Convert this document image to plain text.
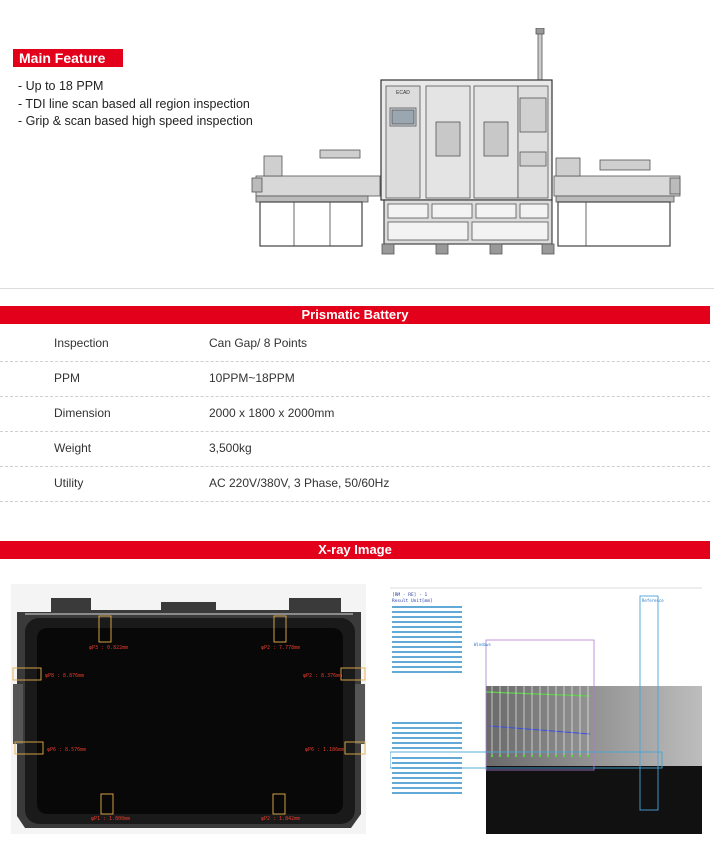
Main Feature
- Up to 18 PPM
- TDI line scan based all region inspection
- Grip & scan based high speed inspection
ECAD
Prismatic Battery
Inspection	Can Gap/ 8 Points
PPM	10PPM~18PPM
Dimension	2000 x 1800 x 2000mm
Weight	3,500kg
Utility	AC 220V/380V, 3 Phase, 50/60Hz
X-ray Image
φP3 : 0.822mm	φP2 : 7.778mm
φP8 : 8.876mm	φP2 : 8.376mm
φP6 : 8.576mm	φP6 : 1.186mm
φP1 : 1.800mm	φP2 : 1.842mm
[RM - RE] - 1
Result Unit[mm]	Reference
Windows
